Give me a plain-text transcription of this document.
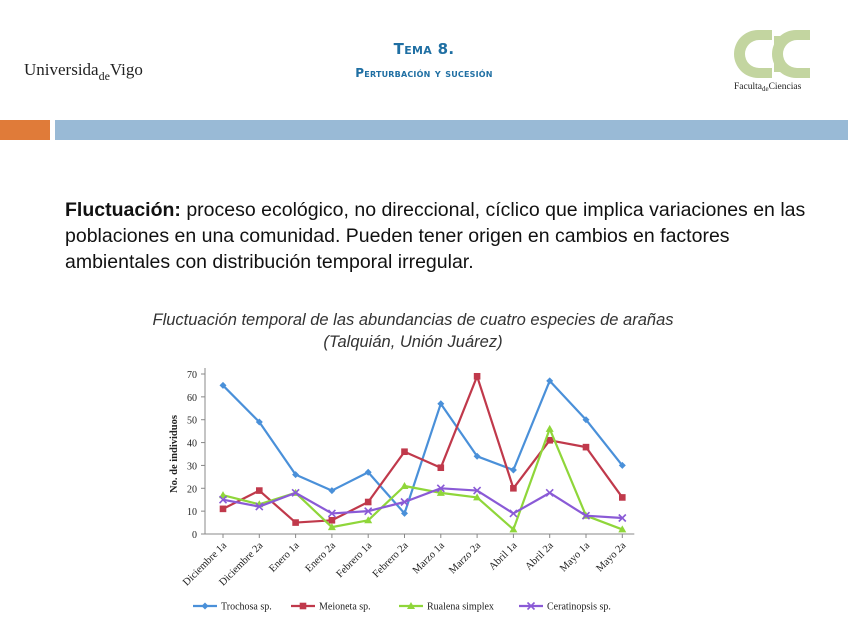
Universida$_{de}$Vigo
Tema 8.
Perturbación y sucesión
Faculta$_{de}$Ciencias
Fluctuación: proceso ecológico, no direccional, cíclico que implica variaciones en las poblaciones en una comunidad. Pueden tener origen en cambios en factores ambientales con distribución temporal irregular.
Fluctuación temporal de las abundancias de cuatro especies de arañas
(Talquián, Unión Juárez)
0
10
20
30
40
50
60
70
No. de individuos
Diciembre 1a
Diciembre 2a Enero 1a Enero 2a
Febrero 1a
Febrero 2a Marzo 1a Marzo 2a Abril 1a Abril 2a Mayo 1a Mayo 2a
Trochosa sp.	Meioneta sp.	Rualena simplex	Ceratinopsis sp.
